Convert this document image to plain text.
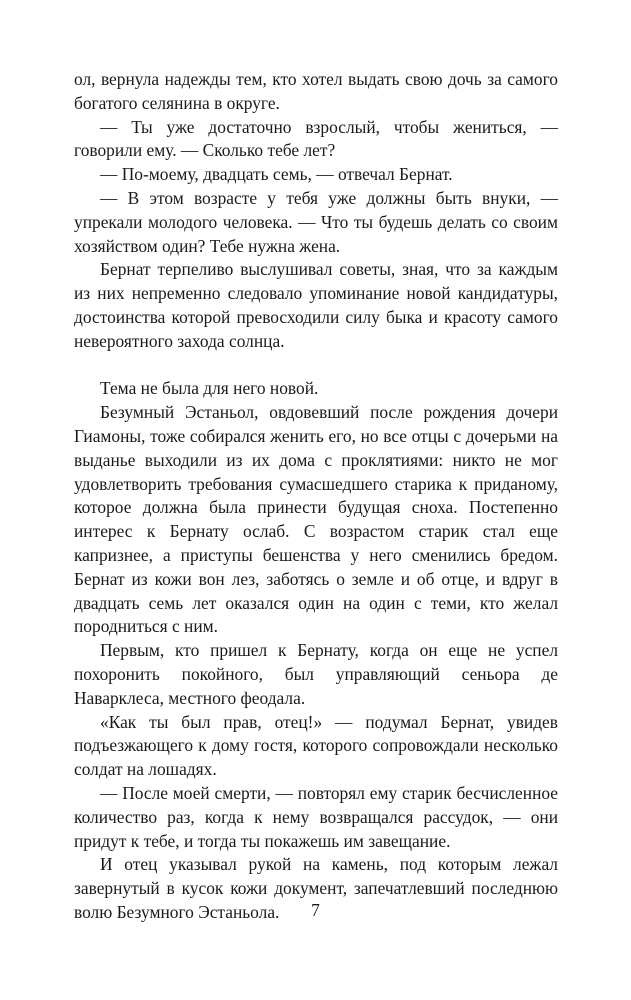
ол, вернула надежды тем, кто хотел выдать свою дочь за самого богатого селянина в округе.

— Ты уже достаточно взрослый, чтобы жениться, — говорили ему. — Сколько тебе лет?

— По-моему, двадцать семь, — отвечал Бернат.

— В этом возрасте у тебя уже должны быть внуки, — упрекали молодого человека. — Что ты будешь делать со своим хозяйством один? Тебе нужна жена.

Бернат терпеливо выслушивал советы, зная, что за каждым из них непременно следовало упоминание новой кандидатуры, достоинства которой превосходили силу быка и красоту самого невероятного захода солнца.

Тема не была для него новой.

Безумный Эстаньол, овдовевший после рождения дочери Гиамоны, тоже собирался женить его, но все отцы с дочерьми на выданье выходили из их дома с проклятиями: никто не мог удовлетворить требования сумасшедшего старика к приданому, которое должна была принести будущая сноха. Постепенно интерес к Бернату ослаб. С возрастом старик стал еще капризнее, а приступы бешенства у него сменились бредом. Бернат из кожи вон лез, заботясь о земле и об отце, и вдруг в двадцать семь лет оказался один на один с теми, кто желал породниться с ним.

Первым, кто пришел к Бернату, когда он еще не успел похоронить покойного, был управляющий сеньора де Наварклеса, местного феодала.

«Как ты был прав, отец!» — подумал Бернат, увидев подъезжающего к дому гостя, которого сопровождали несколько солдат на лошадях.

— После моей смерти, — повторял ему старик бесчисленное количество раз, когда к нему возвращался рассудок, — они придут к тебе, и тогда ты покажешь им завещание.

И отец указывал рукой на камень, под которым лежал завернутый в кусок кожи документ, запечатлевший последнюю волю Безумного Эстаньола.	7
